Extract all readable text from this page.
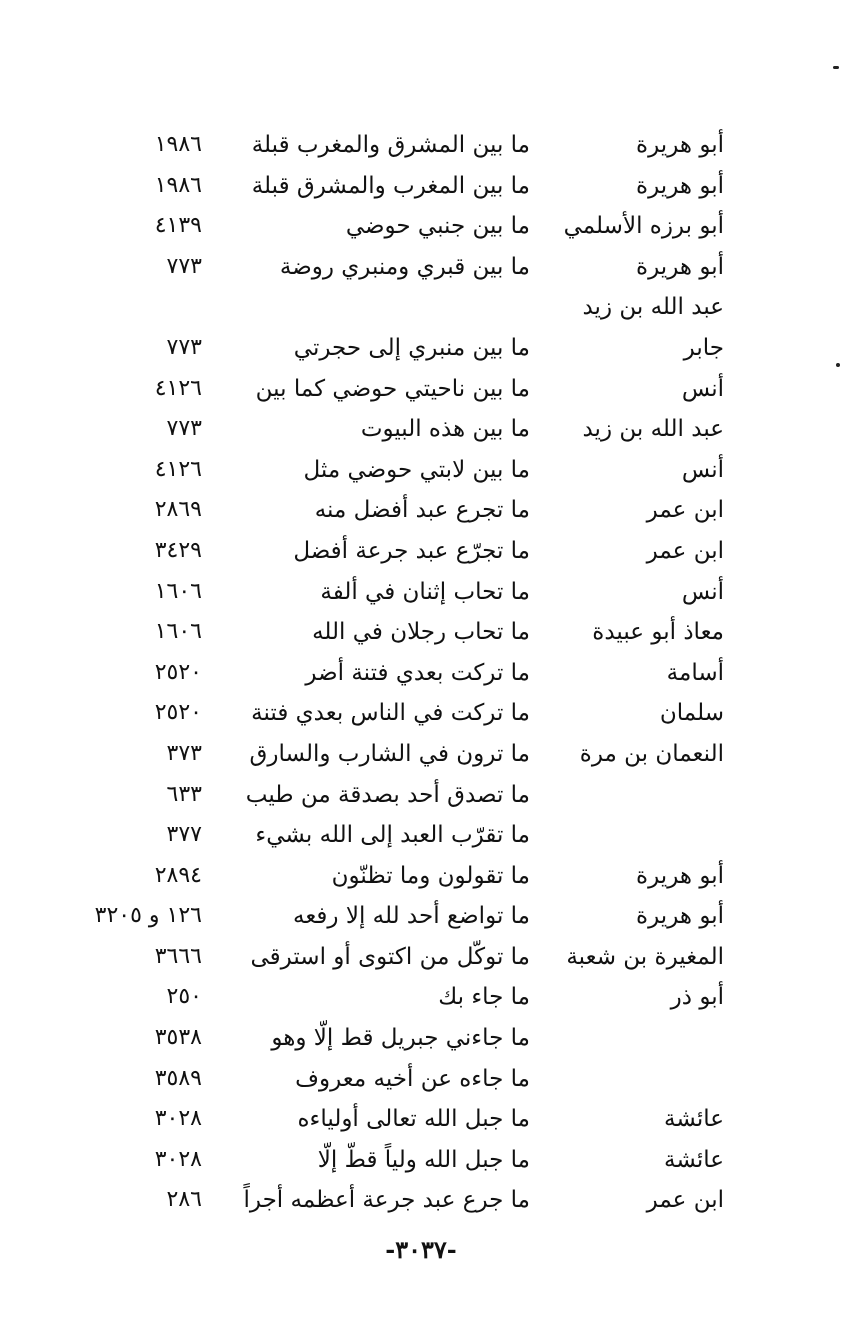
أبو هريرة
ما بين المشرق والمغرب قبلة
١٩٨٦
أبو هريرة
ما بين المغرب والمشرق قبلة
١٩٨٦
أبو برزه الأسلمي
ما بين جنبي حوضي
٤١٣٩
أبو هريرة
ما بين قبري ومنبري روضة
٧٧٣
عبد الله بن زيد
جابر
ما بين منبري إلى حجرتي
٧٧٣
أنس
ما بين ناحيتي حوضي كما بين
٤١٢٦
عبد الله بن زيد
ما بين هذه البيوت
٧٧٣
أنس
ما بين لابتي حوضي مثل
٤١٢٦
ابن عمر
ما تجرع عبد أفضل منه
٢٨٦٩
ابن عمر
ما تجرّع عبد جرعة أفضل
٣٤٢٩
أنس
ما تحاب إثنان في ألفة
١٦٠٦
معاذ أبو عبيدة
ما تحاب رجلان في الله
١٦٠٦
أسامة
ما تركت بعدي فتنة أضر
٢٥٢٠
سلمان
ما تركت في الناس بعدي فتنة
٢٥٢٠
النعمان بن مرة
ما ترون في الشارب والسارق
٣٧٣
ما تصدق أحد بصدقة من طيب
٦٣٣
ما تقرّب العبد إلى الله بشيء
٣٧٧
أبو هريرة
ما تقولون وما تظنّون
٢٨٩٤
أبو هريرة
ما تواضع أحد لله إلا رفعه
١٢٦ و ٣٢٠٥
المغيرة بن شعبة
ما توكّل من اكتوى أو استرقى
٣٦٦٦
أبو ذر
ما جاء بك
٢٥٠
ما جاءني جبريل قط إلّا وهو
٣٥٣٨
ما جاءه عن أخيه معروف
٣٥٨٩
عائشة
ما جبل الله تعالى أولياءه
٣٠٢٨
عائشة
ما جبل الله ولياً قطّ إلّا
٣٠٢٨
ابن عمر
ما جرع عبد جرعة أعظمه أجراً
٢٨٦
-٣٠٣٧-
